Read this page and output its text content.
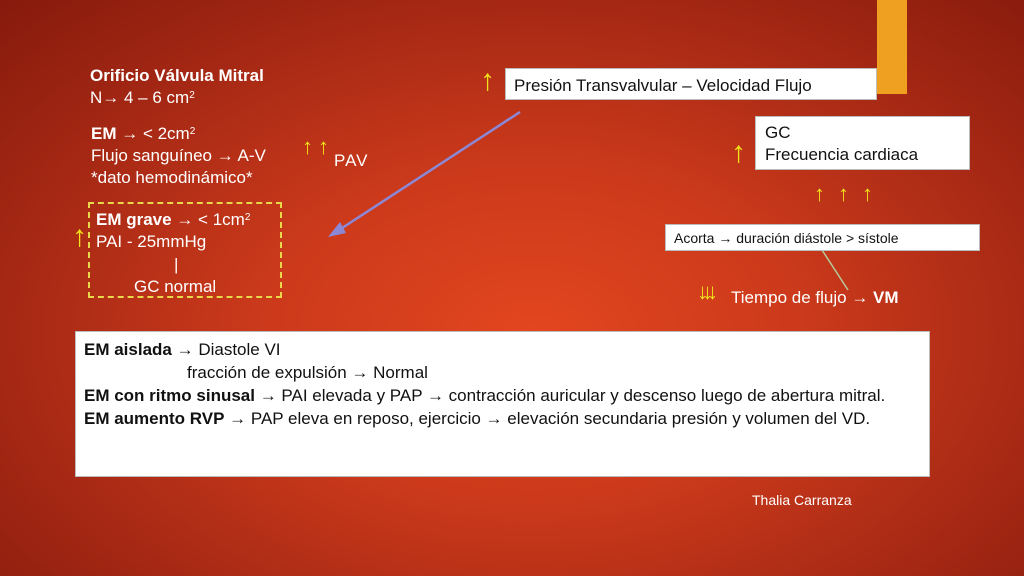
Orificio Válvula Mitral
N→ 4 – 6 $cm^2$
EM → < $2cm^2$
Flujo sanguíneo → A-V ↑ ↑
PAV
*dato hemodinámico*
↑
EM grave → < $1cm^2$
PAI - 25mmHg
|
GC normal
↑	Presión Transvalvular – Velocidad Flujo
↑
GC
Frecuencia cardiaca
↑ ↑ ↑
Acorta → duración diástole > sístole
↓↓↓ Tiempo de flujo → VM
EM aislada → Diastole VI
fracción de expulsión → Normal
EM con ritmo sinusal → PAI elevada y PAP → contracción auricular y descenso luego de abertura mitral.
EM aumento RVP → PAP eleva en reposo, ejercicio → elevación secundaria presión y volumen del VD.
Thalia Carranza
